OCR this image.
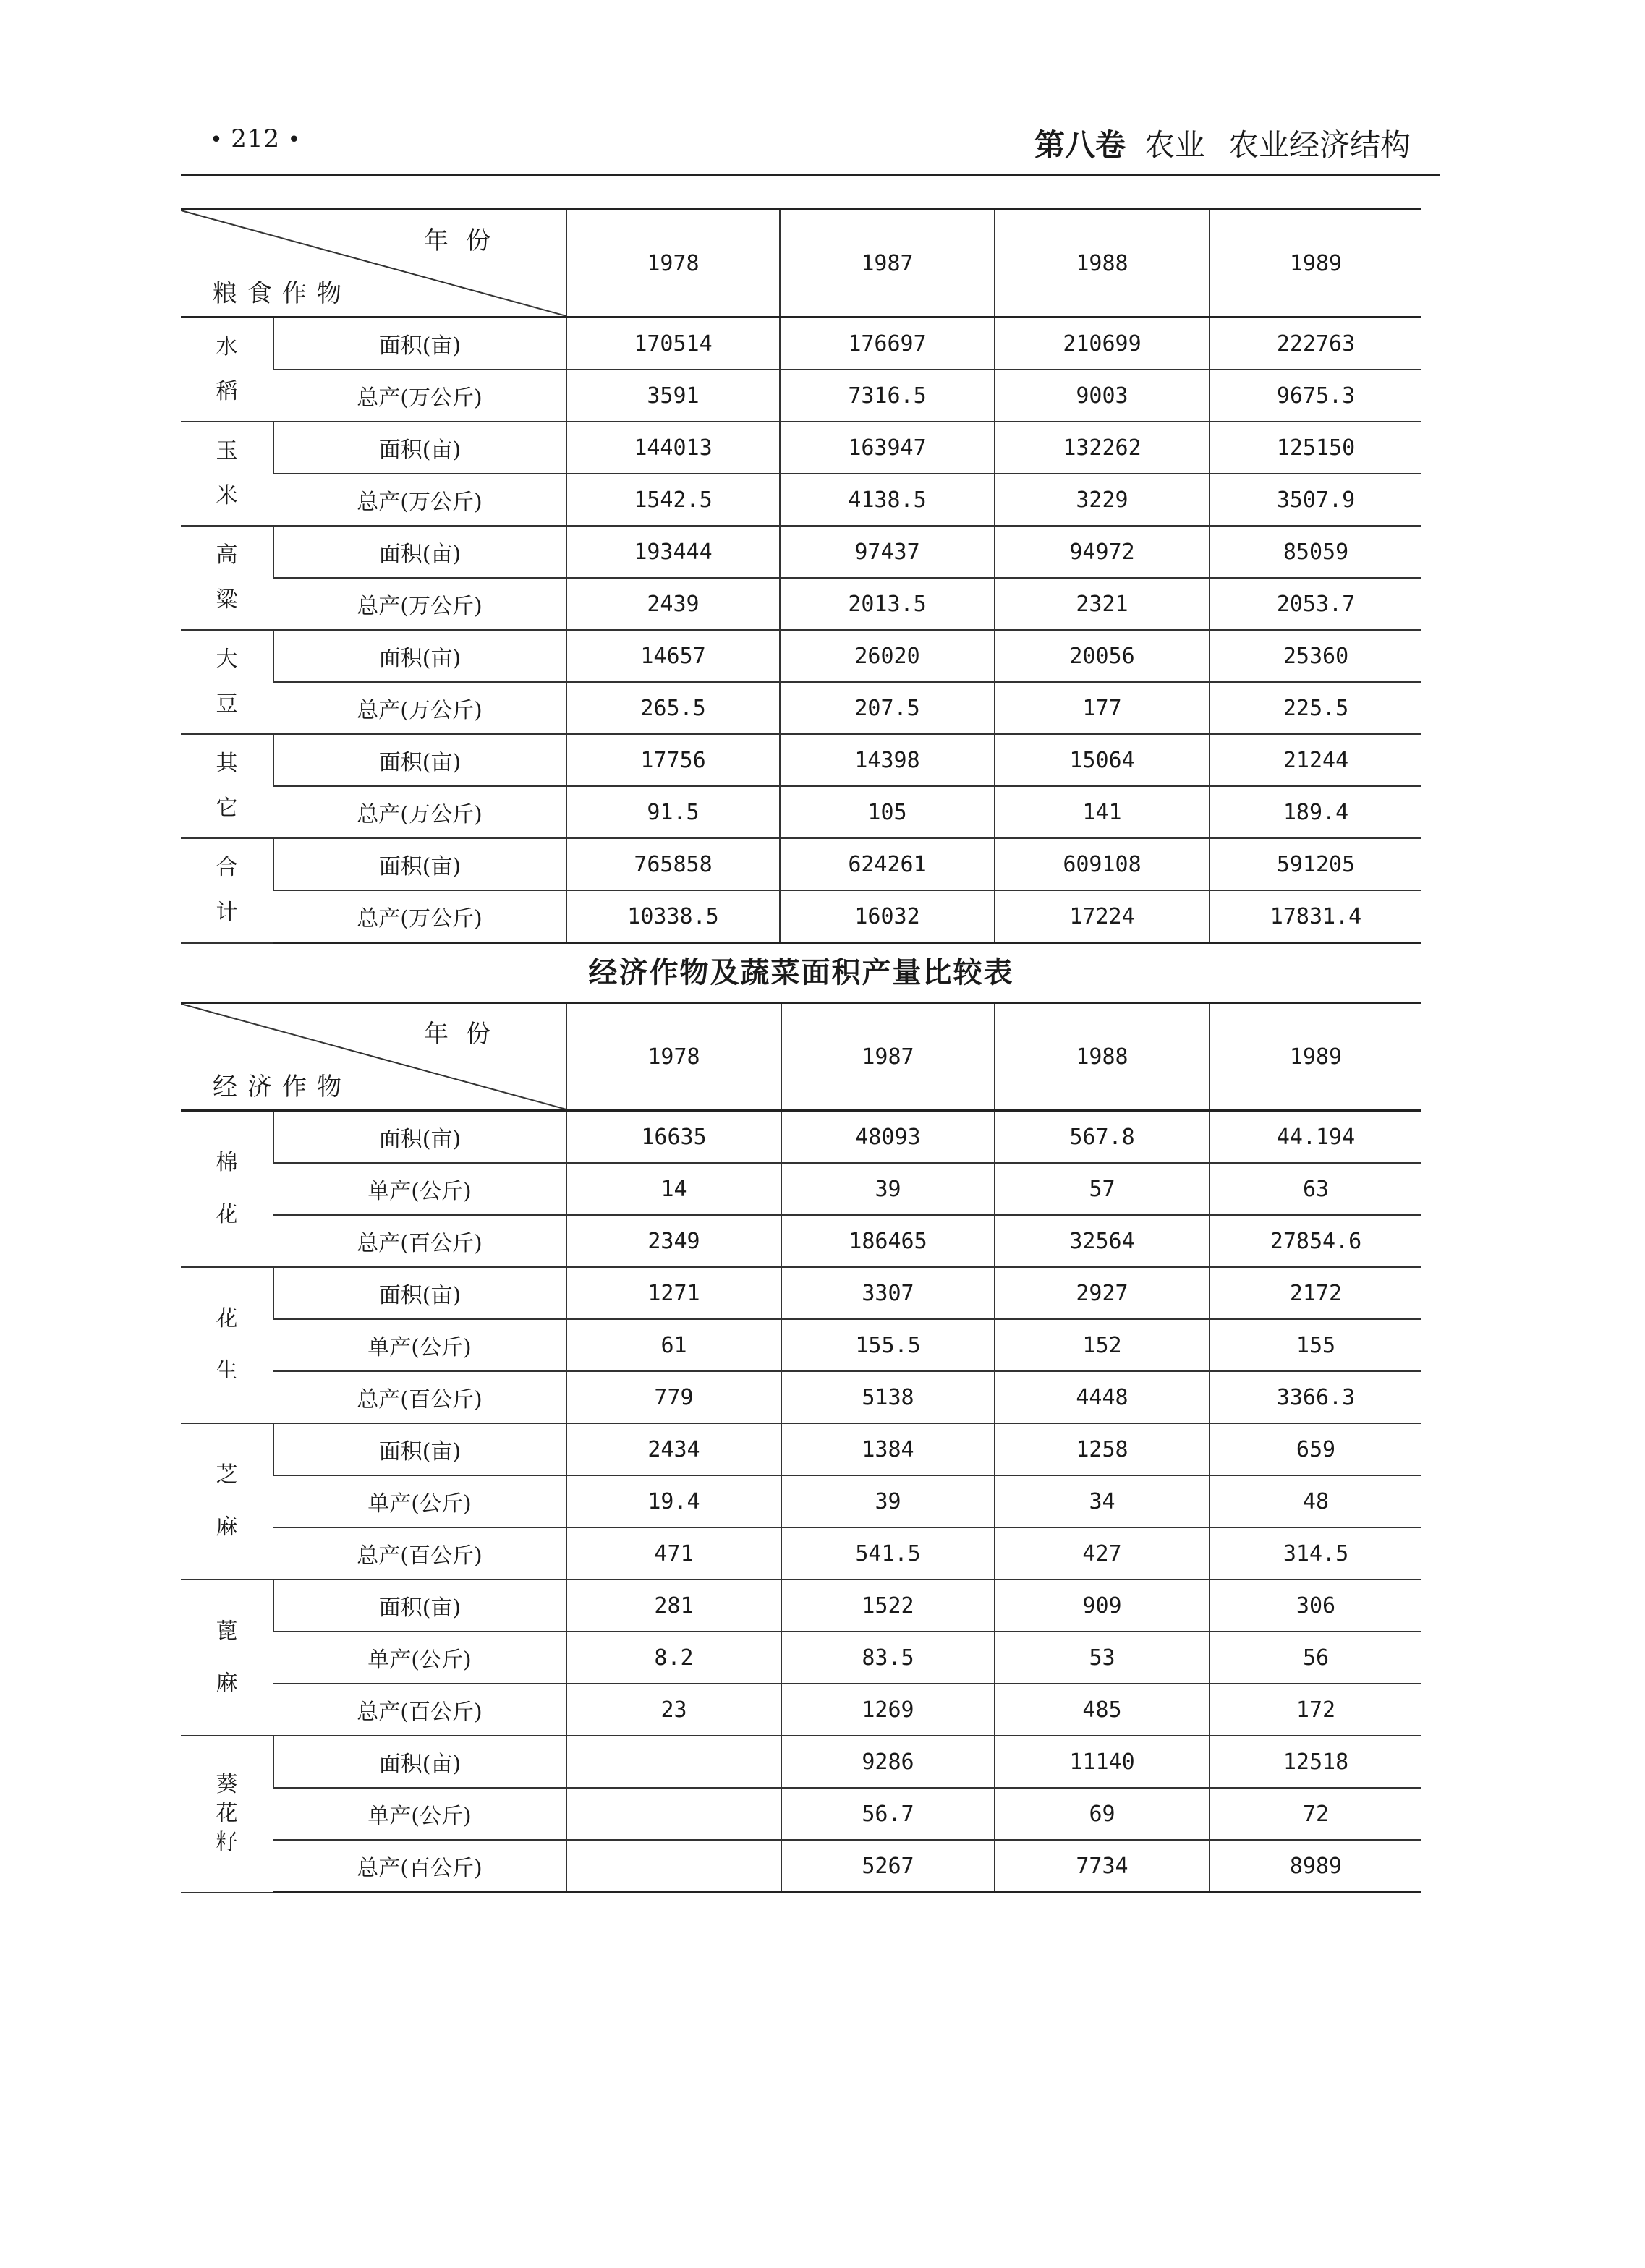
• 212 •	第八卷 农业 农业经济结构
年份
粮食作物		1978	1987	1988	1989

水
稻	面积(亩)	170514	176697	210699	222763
	总产(万公斤)	3591	7316.5	9003	9675.3

玉
米	面积(亩)	144013	163947	132262	125150
	总产(万公斤)	1542.5	4138.5	3229	3507.9

高
粱	面积(亩)	193444	97437	94972	85059
	总产(万公斤)	2439	2013.5	2321	2053.7

大
豆	面积(亩)	14657	26020	20056	25360
	总产(万公斤)	265.5	207.5	177	225.5

其
它	面积(亩)	17756	14398	15064	21244
	总产(万公斤)	91.5	105	141	189.4

合
计	面积(亩)	765858	624261	609108	591205
	总产(万公斤)	10338.5	16032	17224	17831.4
经济作物及蔬菜面积产量比较表
年份
经济作物		1978	1987	1988	1989

棉
花	面积(亩)	16635	48093	567.8	44.194
	单产(公斤)	14	39	57	63
	总产(百公斤)	2349	186465	32564	27854.6

花
生	面积(亩)	1271	3307	2927	2172
	单产(公斤)	61	155.5	152	155
	总产(百公斤)	779	5138	4448	3366.3

芝
麻	面积(亩)	2434	1384	1258	659
	单产(公斤)	19.4	39	34	48
	总产(百公斤)	471	541.5	427	314.5

蓖
麻	面积(亩)	281	1522	909	306
	单产(公斤)	8.2	83.5	53	56
	总产(百公斤)	23	1269	485	172

葵
花
籽	面积(亩)		9286	11140	12518
	单产(公斤)		56.7	69	72
	总产(百公斤)		5267	7734	8989
